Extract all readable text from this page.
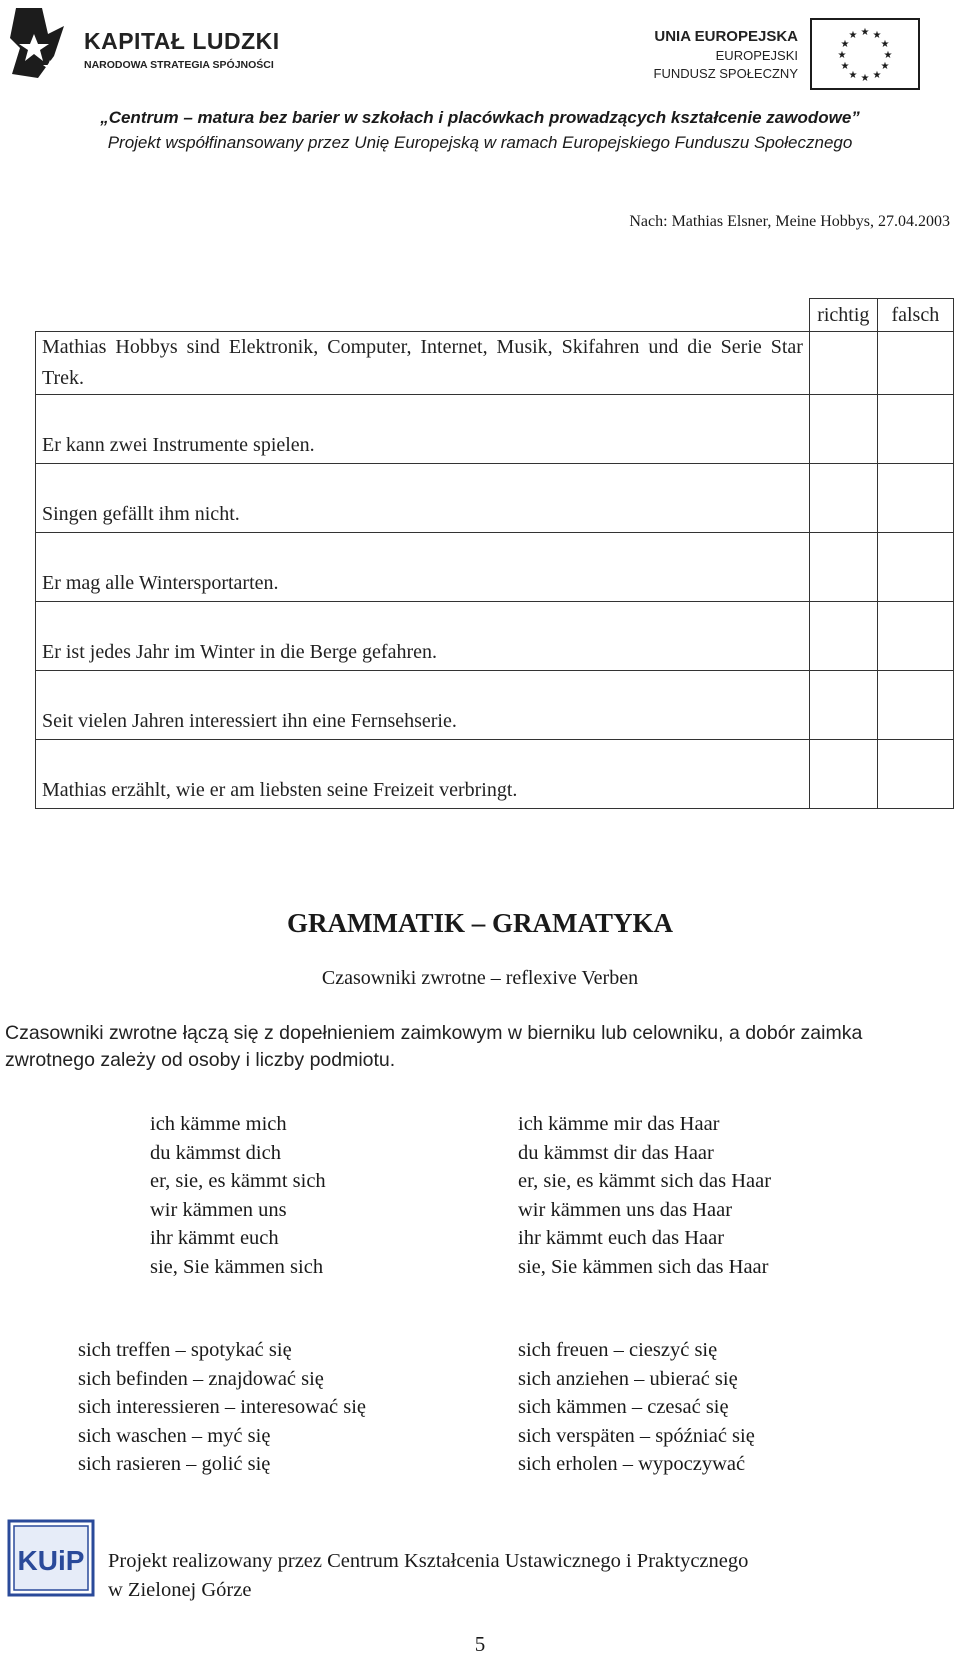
KAPITAŁ LUDZKI
NARODOWA STRATEGIA SPÓJNOŚCI
UNIA EUROPEJSKA
EUROPEJSKI
FUNDUSZ SPOŁECZNY
★ ★
★
★
★
★
★
★
★
★
★
★
„Centrum – matura bez barier w szkołach i placówkach prowadzących kształcenie zawodowe”
Projekt współfinansowany przez Unię Europejską w ramach Europejskiego Funduszu Społecznego
Nach: Mathias Elsner, Meine Hobbys, 27.04.2003
	richtig	falsch
Mathias Hobbys sind Elektronik, Computer, Internet, Musik, Skifahren und die Serie Star Trek.		
Er kann zwei Instrumente spielen.		
Singen gefällt ihm nicht.		
Er mag alle Wintersportarten.		
Er ist jedes Jahr im Winter in die Berge gefahren.		
Seit vielen Jahren interessiert ihn eine Fernsehserie.		
Mathias erzählt, wie er am liebsten seine Freizeit verbringt.		
GRAMMATIK – GRAMATYKA
Czasowniki zwrotne – reflexive Verben
Czasowniki zwrotne łączą się z dopełnieniem zaimkowym w bierniku lub celowniku, a dobór zaimka zwrotnego zależy od osoby i liczby podmiotu.
ich kämme mich
du kämmst dich
er, sie, es kämmt sich
wir kämmen uns
ihr kämmt euch
sie, Sie kämmen sich
ich kämme mir das Haar
du kämmst dir das Haar
er, sie, es kämmt sich das Haar
wir kämmen uns das Haar
ihr kämmt euch das Haar
sie, Sie kämmen sich das Haar
sich treffen – spotykać się
sich befinden – znajdować się
sich interessieren – interesować się
sich waschen – myć się
sich rasieren – golić się
sich freuen – cieszyć się
sich anziehen – ubierać się
sich kämmen – czesać się
sich verspäten – spóźniać się
sich erholen – wypoczywać
KUiP Projekt realizowany przez Centrum Kształcenia Ustawicznego i Praktycznego
w Zielonej Górze
5
